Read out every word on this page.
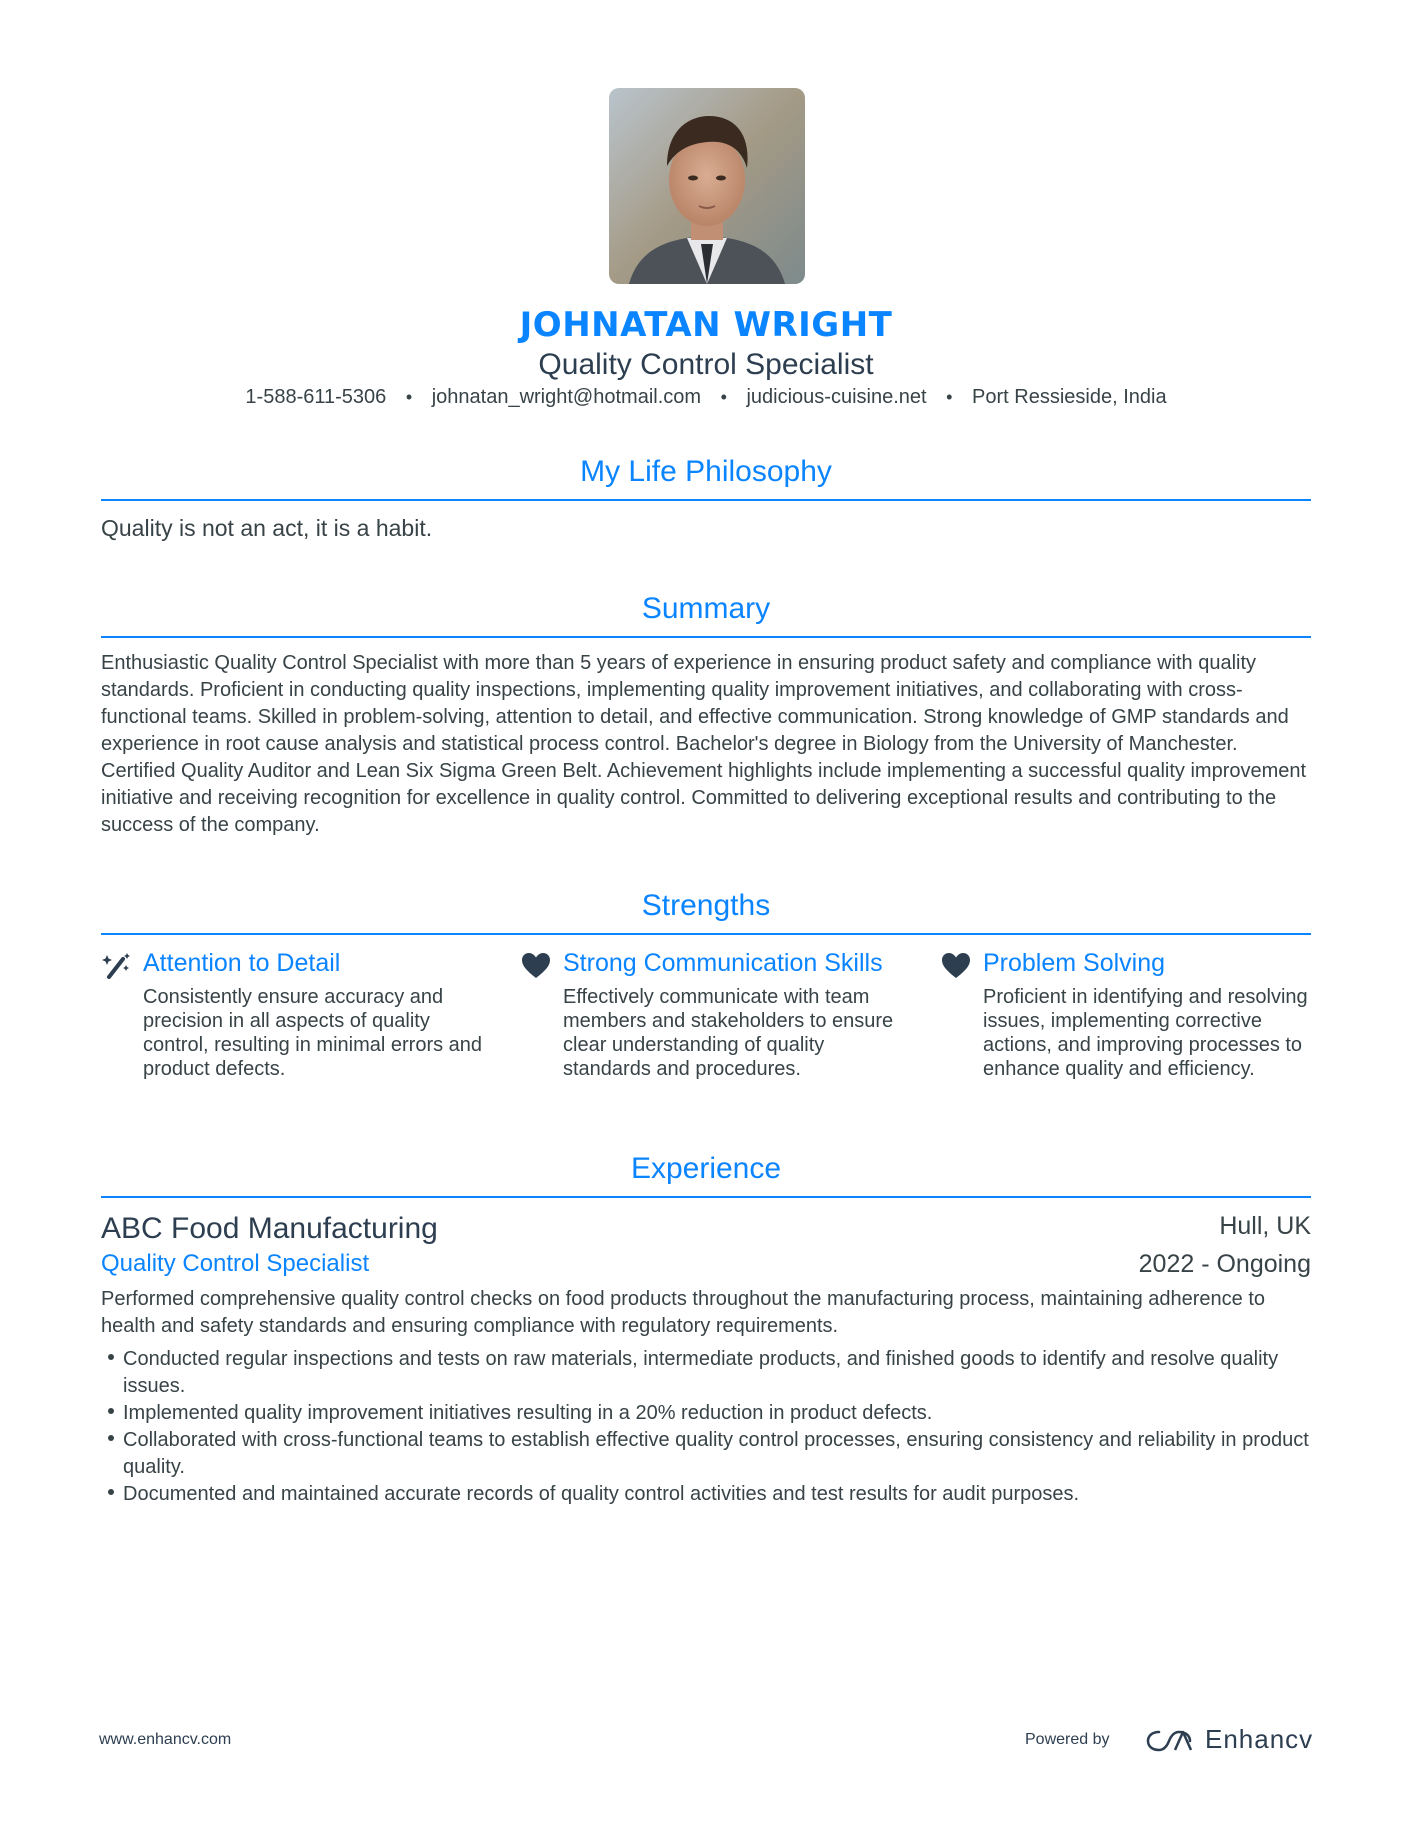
JOHNATAN WRIGHT
Quality Control Specialist
1-588-611-5306 • johnatan_wright@hotmail.com • judicious-cuisine.net • Port Ressieside, India
My Life Philosophy
Quality is not an act, it is a habit.
Summary
Enthusiastic Quality Control Specialist with more than 5 years of experience in ensuring product safety and compliance with quality standards. Proficient in conducting quality inspections, implementing quality improvement initiatives, and collaborating with cross-functional teams. Skilled in problem-solving, attention to detail, and effective communication. Strong knowledge of GMP standards and experience in root cause analysis and statistical process control. Bachelor's degree in Biology from the University of Manchester. Certified Quality Auditor and Lean Six Sigma Green Belt. Achievement highlights include implementing a successful quality improvement initiative and receiving recognition for excellence in quality control. Committed to delivering exceptional results and contributing to the success of the company.
Strengths
Attention to Detail
Consistently ensure accuracy and precision in all aspects of quality control, resulting in minimal errors and product defects.
Strong Communication Skills
Effectively communicate with team members and stakeholders to ensure clear understanding of quality standards and procedures.
Problem Solving
Proficient in identifying and resolving issues, implementing corrective actions, and improving processes to enhance quality and efficiency.
Experience
ABC Food Manufacturing	Hull, UK
Quality Control Specialist	2022 - Ongoing
Performed comprehensive quality control checks on food products throughout the manufacturing process, maintaining adherence to health and safety standards and ensuring compliance with regulatory requirements.
Conducted regular inspections and tests on raw materials, intermediate products, and finished goods to identify and resolve quality issues.
Implemented quality improvement initiatives resulting in a 20% reduction in product defects.
Collaborated with cross-functional teams to establish effective quality control processes, ensuring consistency and reliability in product quality.
Documented and maintained accurate records of quality control activities and test results for audit purposes.
www.enhancv.com	Powered by	Enhancv
